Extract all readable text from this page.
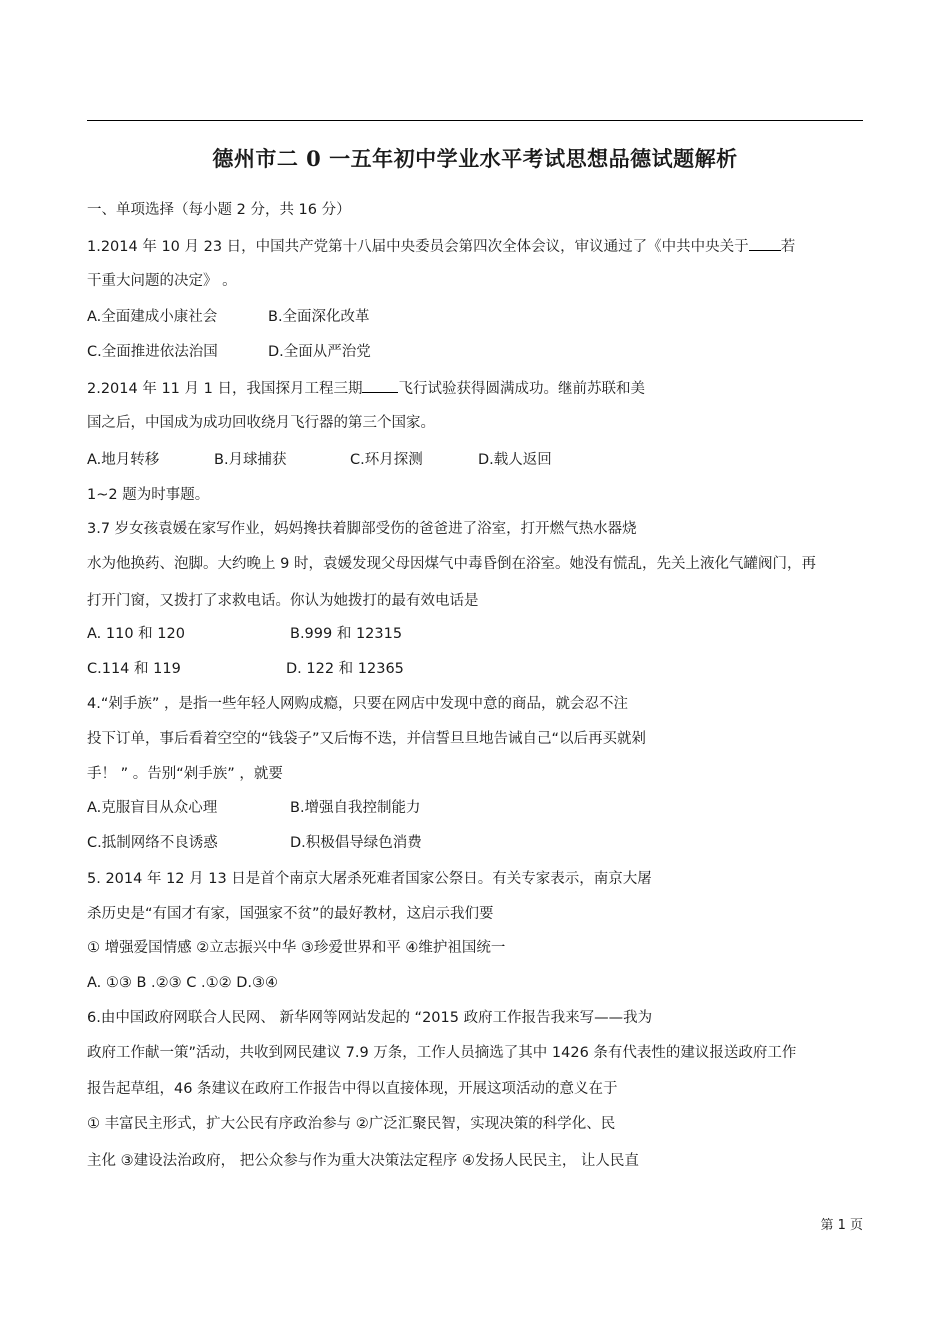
德州市二 0 一五年初中学业水平考试思想品德试题解析
一、单项选择（每小题 2 分，共 16 分）
1.2014 年 10 月 23 日，中国共产党第十八届中央委员会第四次全体会议，审议通过了《中共中央关于 若
干重大问题的决定》 。
A.全面建成小康社会	B.全面深化改革
C.全面推进依法治国	D.全面从严治党
2.2014 年 11 月 1 日，我国探月工程三期 飞行试验获得圆满成功。继前苏联和美
国之后，中国成为成功回收绕月飞行器的第三个国家。
A.地月转移	B.月球捕获	C.环月探测	D.载人返回
1~2 题为时事题。
3.7 岁女孩袁媛在家写作业，妈妈搀扶着脚部受伤的爸爸进了浴室，打开燃气热水器烧
水为他换药、泡脚。大约晚上 9 时，袁媛发现父母因煤气中毒昏倒在浴室。她没有慌乱，先关上液化气罐阀门，再
打开门窗，又拨打了求救电话。你认为她拨打的最有效电话是
A. 110 和 120	B.999 和 12315
C.114 和 119	D. 122 和 12365
4.“剁手族” ，是指一些年轻人网购成瘾，只要在网店中发现中意的商品，就会忍不注
投下订单，事后看着空空的“钱袋子”又后悔不迭，并信誓旦旦地告诫自己“以后再买就剁
手！ ” 。告别“剁手族” ，就要
A.克服盲目从众心理	B.增强自我控制能力
C.抵制网络不良诱惑	D.积极倡导绿色消费
5. 2014 年 12 月 13 日是首个南京大屠杀死难者国家公祭日。有关专家表示，南京大屠
杀历史是“有国才有家，国强家不贫”的最好教材，这启示我们要
① 增强爱国情感 ②立志振兴中华 ③珍爱世界和平 ④维护祖国统一
A. ①③ B .②③ C .①② D.③④
6.由中国政府网联合人民网、 新华网等网站发起的 “2015 政府工作报告我来写——我为
政府工作献一策”活动，共收到网民建议 7.9 万条，工作人员摘选了其中 1426 条有代表性的建议报送政府工作
报告起草组，46 条建议在政府工作报告中得以直接体现，开展这项活动的意义在于
① 丰富民主形式，扩大公民有序政治参与 ②广泛汇聚民智，实现决策的科学化、民
主化 ③建设法治政府， 把公众参与作为重大决策法定程序 ④发扬人民民主， 让人民直
第 1 页
